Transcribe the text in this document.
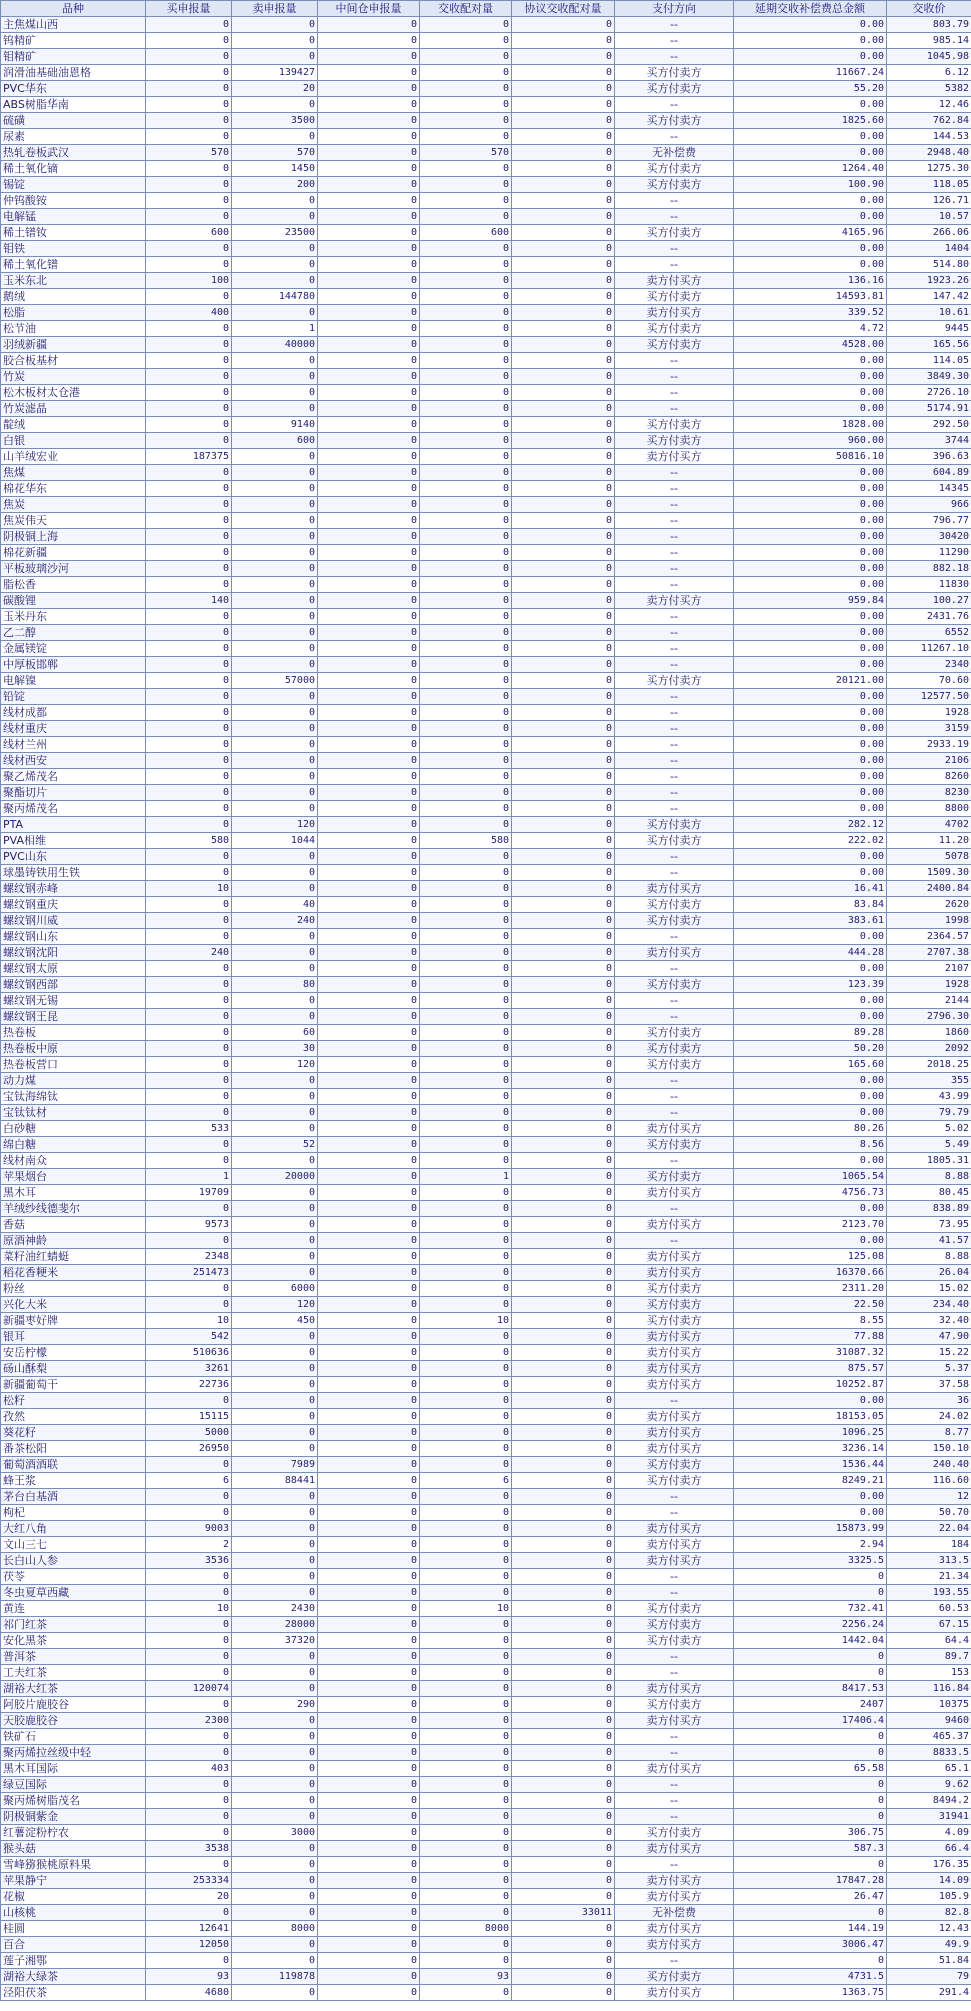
品种	买申报量	卖申报量	中间仓申报量	交收配对量	协议交收配对量	支付方向	延期交收补偿费总金额	交收价
主焦煤山西	0	0	0	0	0	--	0.00	803.79
钨精矿	0	0	0	0	0	--	0.00	985.14
钼精矿	0	0	0	0	0	--	0.00	1045.98
润滑油基础油恩格	0	139427	0	0	0	买方付卖方	11667.24	6.12
PVC华东	0	20	0	0	0	买方付卖方	55.20	5382
ABS树脂华南	0	0	0	0	0	--	0.00	12.46
硫磺	0	3500	0	0	0	买方付卖方	1825.60	762.84
尿素	0	0	0	0	0	--	0.00	144.53
热轧卷板武汉	570	570	0	570	0	无补偿费	0.00	2948.40
稀土氧化镝	0	1450	0	0	0	买方付卖方	1264.40	1275.30
锡锭	0	200	0	0	0	买方付卖方	100.90	118.05
仲钨酸铵	0	0	0	0	0	--	0.00	126.71
电解锰	0	0	0	0	0	--	0.00	10.57
稀土镨钕	600	23500	0	600	0	买方付卖方	4165.96	266.06
钼铁	0	0	0	0	0	--	0.00	1404
稀土氧化镨	0	0	0	0	0	--	0.00	514.80
玉米东北	100	0	0	0	0	卖方付买方	136.16	1923.26
鹅绒	0	144780	0	0	0	买方付卖方	14593.81	147.42
松脂	400	0	0	0	0	卖方付买方	339.52	10.61
松节油	0	1	0	0	0	买方付卖方	4.72	9445
羽绒新疆	0	40000	0	0	0	买方付卖方	4528.00	165.56
胶合板基材	0	0	0	0	0	--	0.00	114.05
竹炭	0	0	0	0	0	--	0.00	3849.30
松木板材太仓港	0	0	0	0	0	--	0.00	2726.10
竹炭滤晶	0	0	0	0	0	--	0.00	5174.91
靛绒	0	9140	0	0	0	买方付卖方	1828.00	292.50
白银	0	600	0	0	0	买方付卖方	960.00	3744
山羊绒宏业	187375	0	0	0	0	卖方付买方	50816.10	396.63
焦煤	0	0	0	0	0	--	0.00	604.89
棉花华东	0	0	0	0	0	--	0.00	14345
焦炭	0	0	0	0	0	--	0.00	966
焦炭伟天	0	0	0	0	0	--	0.00	796.77
阴极铜上海	0	0	0	0	0	--	0.00	30420
棉花新疆	0	0	0	0	0	--	0.00	11290
平板玻璃沙河	0	0	0	0	0	--	0.00	882.18
脂松香	0	0	0	0	0	--	0.00	11830
碳酸锂	140	0	0	0	0	卖方付买方	959.84	100.27
玉米丹东	0	0	0	0	0	--	0.00	2431.76
乙二醇	0	0	0	0	0	--	0.00	6552
金属镁锭	0	0	0	0	0	--	0.00	11267.10
中厚板邯郸	0	0	0	0	0	--	0.00	2340
电解镍	0	57000	0	0	0	买方付卖方	20121.00	70.60
铅锭	0	0	0	0	0	--	0.00	12577.50
线材成都	0	0	0	0	0	--	0.00	1928
线材重庆	0	0	0	0	0	--	0.00	3159
线材兰州	0	0	0	0	0	--	0.00	2933.19
线材西安	0	0	0	0	0	--	0.00	2106
聚乙烯茂名	0	0	0	0	0	--	0.00	8260
聚酯切片	0	0	0	0	0	--	0.00	8230
聚丙烯茂名	0	0	0	0	0	--	0.00	8800
PTA	0	120	0	0	0	买方付卖方	282.12	4702
PVA相维	580	1044	0	580	0	买方付卖方	222.02	11.20
PVC山东	0	0	0	0	0	--	0.00	5078
球墨铸铁用生铁	0	0	0	0	0	--	0.00	1509.30
螺纹钢赤峰	10	0	0	0	0	卖方付买方	16.41	2400.84
螺纹钢重庆	0	40	0	0	0	买方付卖方	83.84	2620
螺纹钢川威	0	240	0	0	0	买方付卖方	383.61	1998
螺纹钢山东	0	0	0	0	0	--	0.00	2364.57
螺纹钢沈阳	240	0	0	0	0	卖方付买方	444.28	2707.38
螺纹钢太原	0	0	0	0	0	--	0.00	2107
螺纹钢西部	0	80	0	0	0	买方付卖方	123.39	1928
螺纹钢无锡	0	0	0	0	0	--	0.00	2144
螺纹钢王昆	0	0	0	0	0	--	0.00	2796.30
热卷板	0	60	0	0	0	买方付卖方	89.28	1860
热卷板中原	0	30	0	0	0	买方付卖方	50.20	2092
热卷板营口	0	120	0	0	0	买方付卖方	165.60	2018.25
动力煤	0	0	0	0	0	--	0.00	355
宝钛海绵钛	0	0	0	0	0	--	0.00	43.99
宝钛钛材	0	0	0	0	0	--	0.00	79.79
白砂糖	533	0	0	0	0	卖方付买方	80.26	5.02
绵白糖	0	52	0	0	0	买方付卖方	8.56	5.49
线材南众	0	0	0	0	0	--	0.00	1805.31
苹果烟台	1	20000	0	1	0	买方付卖方	1065.54	8.88
黑木耳	19709	0	0	0	0	卖方付买方	4756.73	80.45
羊绒纱线德斐尔	0	0	0	0	0	--	0.00	838.89
香菇	9573	0	0	0	0	卖方付买方	2123.70	73.95
原酒神龄	0	0	0	0	0	--	0.00	41.57
菜籽油红蜻蜓	2348	0	0	0	0	卖方付买方	125.08	8.88
稻花香粳米	251473	0	0	0	0	卖方付买方	16370.66	26.04
粉丝	0	6000	0	0	0	买方付卖方	2311.20	15.02
兴化大米	0	120	0	0	0	买方付卖方	22.50	234.40
新疆枣好牌	10	450	0	10	0	买方付卖方	8.55	32.40
银耳	542	0	0	0	0	卖方付买方	77.88	47.90
安岳柠檬	510636	0	0	0	0	卖方付买方	31087.32	15.22
砀山酥梨	3261	0	0	0	0	卖方付买方	875.57	5.37
新疆葡萄干	22736	0	0	0	0	卖方付买方	10252.87	37.58
松籽	0	0	0	0	0	--	0.00	36
孜然	15115	0	0	0	0	卖方付买方	18153.05	24.02
葵花籽	5000	0	0	0	0	卖方付买方	1096.25	8.77
番茶松阳	26950	0	0	0	0	卖方付买方	3236.14	150.10
葡萄酒酒联	0	7989	0	0	0	买方付卖方	1536.44	240.40
蜂王浆	6	88441	0	6	0	买方付卖方	8249.21	116.60
茅台白基酒	0	0	0	0	0	--	0.00	12
枸杞	0	0	0	0	0	--	0.00	50.70
大红八角	9003	0	0	0	0	卖方付买方	15873.99	22.04
文山三七	2	0	0	0	0	卖方付买方	2.94	184
长白山人参	3536	0	0	0	0	卖方付买方	3325.5	313.5
茯苓	0	0	0	0	0	--	0	21.34
冬虫夏草西藏	0	0	0	0	0	--	0	193.55
黄连	10	2430	0	10	0	买方付卖方	732.41	60.53
祁门红茶	0	28000	0	0	0	买方付卖方	2256.24	67.15
安化黑茶	0	37320	0	0	0	买方付卖方	1442.04	64.4
普洱茶	0	0	0	0	0	--	0	89.7
工夫红茶	0	0	0	0	0	--	0	153
湖裕大红茶	120074	0	0	0	0	卖方付买方	8417.53	116.84
阿胶片鹿胶谷	0	290	0	0	0	买方付卖方	2407	10375
天胶鹿胶谷	2300	0	0	0	0	卖方付买方	17406.4	9460
铁矿石	0	0	0	0	0	--	0	465.37
聚丙烯拉丝级中轻	0	0	0	0	0	--	0	8833.5
黑木耳国际	403	0	0	0	0	卖方付买方	65.58	65.1
绿豆国际	0	0	0	0	0	--	0	9.62
聚丙烯树脂茂名	0	0	0	0	0	--	0	8494.2
阴极铜紫金	0	0	0	0	0	--	0	31941
红薯淀粉柠农	0	3000	0	0	0	买方付卖方	306.75	4.09
猴头菇	3538	0	0	0	0	卖方付买方	587.3	66.4
雪峰猕猴桃原料果	0	0	0	0	0	--	0	176.35
苹果静宁	253334	0	0	0	0	卖方付买方	17847.28	14.09
花椒	20	0	0	0	0	卖方付买方	26.47	105.9
山核桃	0	0	0	0	33011	无补偿费	0	82.8
桂圆	12641	8000	0	8000	0	卖方付买方	144.19	12.43
百合	12050	0	0	0	0	卖方付买方	3006.47	49.9
莲子湘鄂	0	0	0	0	0	--	0	51.84
湖裕大绿茶	93	119878	0	93	0	买方付卖方	4731.5	79
泾阳茯茶	4680	0	0	0	0	卖方付买方	1363.75	291.4
